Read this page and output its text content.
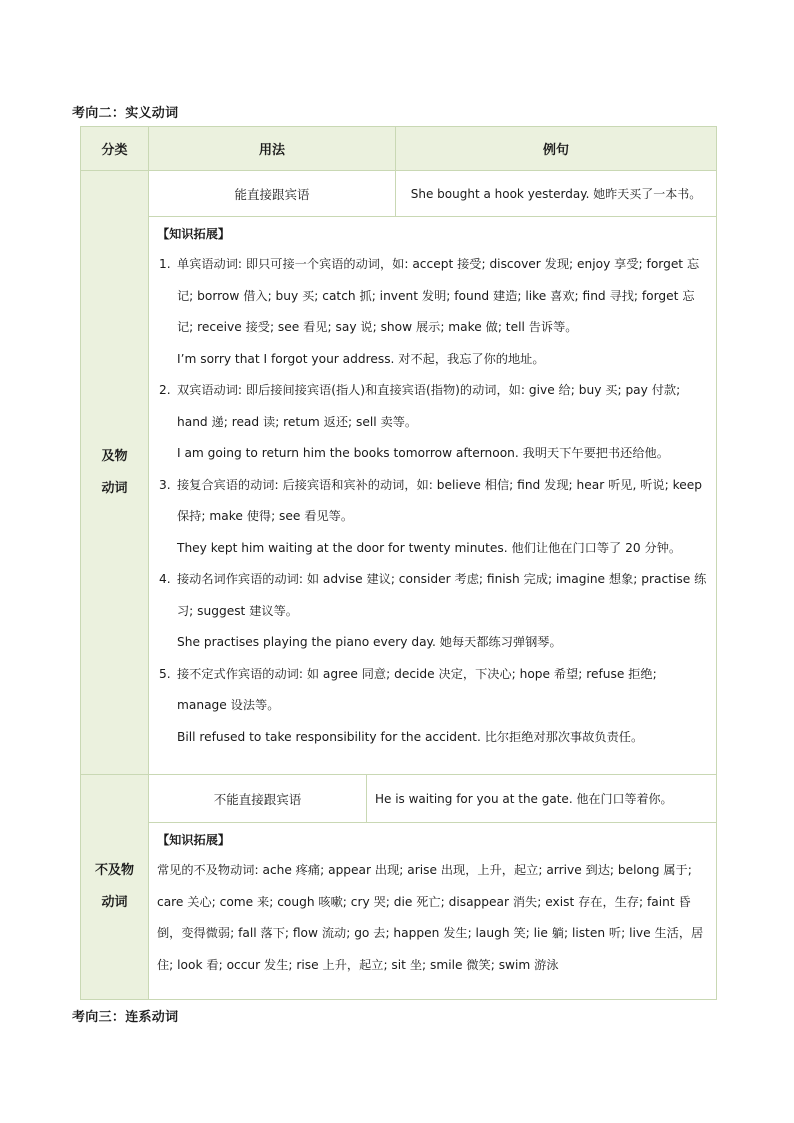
考向二：实义动词
分类	用法	例句
及物
动词
能直接跟宾语	She bought a hook yesterday. 她昨天买了一本书。
【知识拓展】
1. 单宾语动词: 即只可接一个宾语的动词，如: accept 接受; discover 发现; enjoy 享受; forget 忘记; borrow 借入; buy 买; catch 抓; invent 发明; found 建造; like 喜欢; find 寻找; forget 忘记; receive 接受; see 看见; say 说; show 展示; make 做; tell 告诉等。
I’m sorry that I forgot your address. 对不起，我忘了你的地址。
2. 双宾语动词: 即后接间接宾语(指人)和直接宾语(指物)的动词，如: give 给; buy 买; pay 付款; hand 递; read 读; retum 返还; sell 卖等。
I am going to return him the books tomorrow afternoon. 我明天下午要把书还给他。
3. 接复合宾语的动词: 后接宾语和宾补的动词，如: believe 相信; find 发现; hear 听见, 听说; keep 保持; make 使得; see 看见等。
They kept him waiting at the door for twenty minutes. 他们让他在门口等了 20 分钟。
4. 接动名词作宾语的动词: 如 advise 建议; consider 考虑; finish 完成; imagine 想象; practise 练习; suggest 建议等。
She practises playing the piano every day. 她每天都练习弹钢琴。
5. 接不定式作宾语的动词: 如 agree 同意; decide 决定，下决心; hope 希望; refuse 拒绝; manage 设法等。
Bill refused to take responsibility for the accident. 比尔拒绝对那次事故负责任。
不及物
动词
不能直接跟宾语	He is waiting for you at the gate. 他在门口等着你。
【知识拓展】
常见的不及物动词: ache 疼痛; appear 出现; arise 出现，上升，起立; arrive 到达; belong 属于; care 关心; come 来; cough 咳嗽; cry 哭; die 死亡; disappear 消失; exist 存在，生存; faint 昏倒，变得微弱; fall 落下; flow 流动; go 去; happen 发生; laugh 笑; lie 躺; listen 听; live 生活，居住; look 看; occur 发生; rise 上升，起立; sit 坐; smile 微笑; swim 游泳
考向三：连系动词
